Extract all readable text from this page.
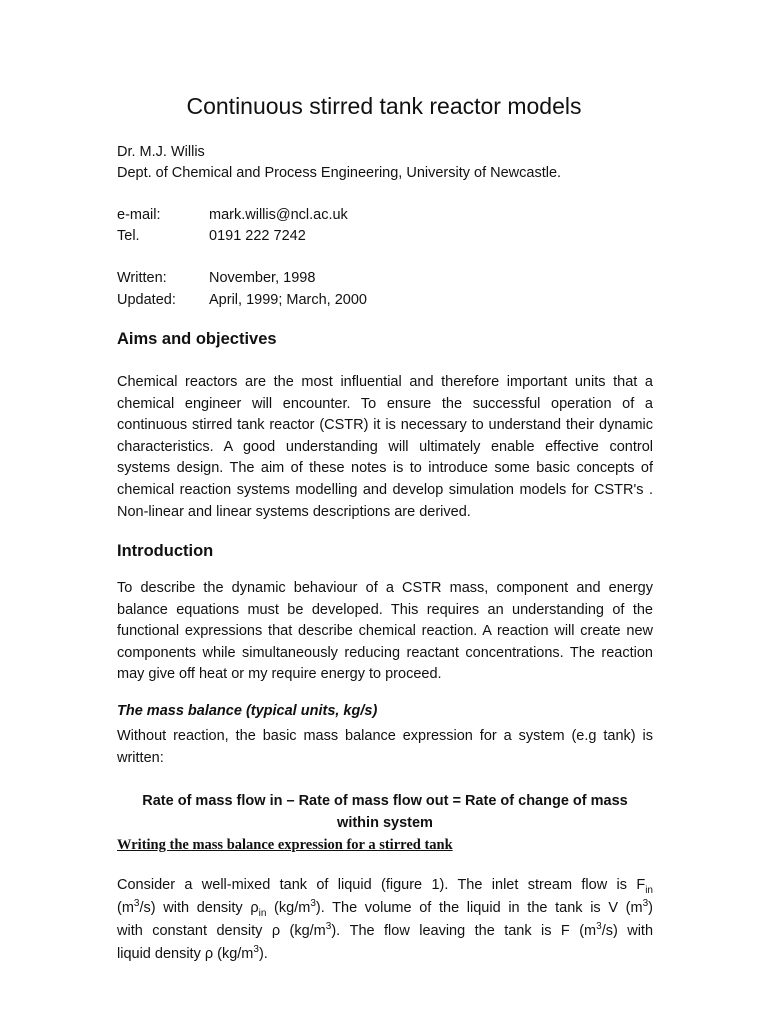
Continuous stirred tank reactor models
Dr. M.J. Willis
Dept. of Chemical and Process Engineering, University of Newcastle.
e-mail:	mark.willis@ncl.ac.uk
Tel.	0191 222 7242
Written:	November, 1998
Updated: April, 1999; March, 2000
Aims and objectives

Chemical reactors are the most influential and therefore important units that a chemical engineer will encounter. To ensure the successful operation of a continuous stirred tank reactor (CSTR) it is necessary to understand their dynamic characteristics. A good understanding will ultimately enable effective control systems design. The aim of these notes is to introduce some basic concepts of chemical reaction systems modelling and develop simulation models for CSTR's . Non-linear and linear systems descriptions are derived.

Introduction

To describe the dynamic behaviour of a CSTR mass, component and energy balance equations must be developed. This requires an understanding of the functional expressions that describe chemical reaction. A reaction will create new components while simultaneously reducing reactant concentrations. The reaction may give off heat or my require energy to proceed.

The mass balance (typical units, kg/s)

Without reaction, the basic mass balance expression for a system (e.g tank) is written:

Rate of mass flow in – Rate of mass flow out = Rate of change of mass

within system

Writing the mass balance expression for a stirred tank

Consider a well-mixed tank of liquid (figure 1). The inlet stream flow is $F_{in}$
$(m^3/s)$ with density $\rho_{in}$ $(kg/m^3)$. The volume of the liquid in the tank is V $(m^3)$
with constant density ρ $(kg/m^3)$. The flow leaving the tank is F $(m^3/s)$ with
liquid density ρ $(kg/m^3)$.
